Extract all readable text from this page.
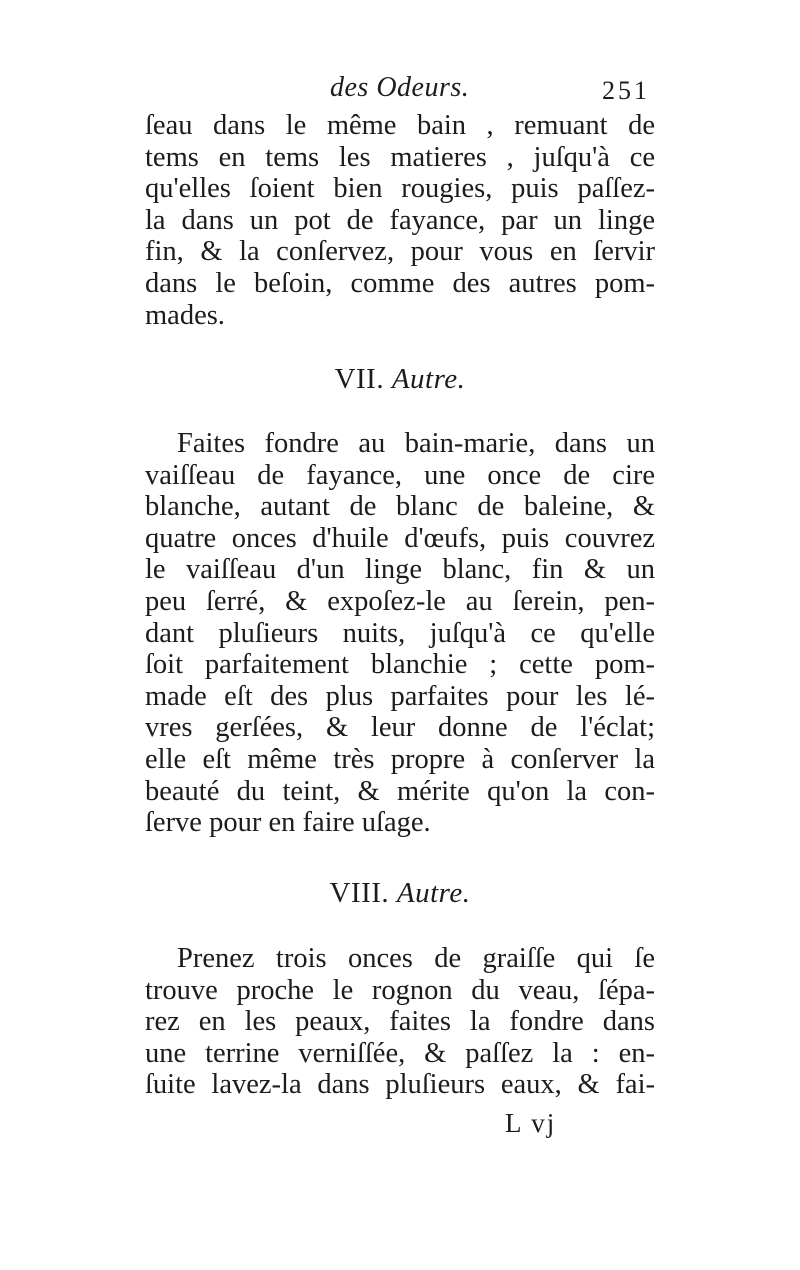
des Odeurs.	251
ſeau dans le même bain , remuant de
tems en tems les matieres , juſqu'à ce
qu'elles ſoient bien rougies, puis paſſez-
la dans un pot de fayance, par un linge
fin, & la conſervez, pour vous en ſervir
dans le beſoin, comme des autres pom-
mades.
VII. Autre.
Faites fondre au bain-marie, dans un
vaiſſeau de fayance, une once de cire
blanche, autant de blanc de baleine, &
quatre onces d'huile d'œufs, puis couvrez
le vaiſſeau d'un linge blanc, fin & un
peu ſerré, & expoſez-le au ſerein, pen-
dant pluſieurs nuits, juſqu'à ce qu'elle
ſoit parfaitement blanchie ; cette pom-
made eſt des plus parfaites pour les lé-
vres gerſées, & leur donne de l'éclat;
elle eſt même très propre à conſerver la
beauté du teint, & mérite qu'on la con-
ſerve pour en faire uſage.
VIII. Autre.
Prenez trois onces de graiſſe qui ſe
trouve proche le rognon du veau, ſépa-
rez en les peaux, faites la fondre dans
une terrine verniſſée, & paſſez la : en-
ſuite lavez-la dans pluſieurs eaux, & fai-
L vj
